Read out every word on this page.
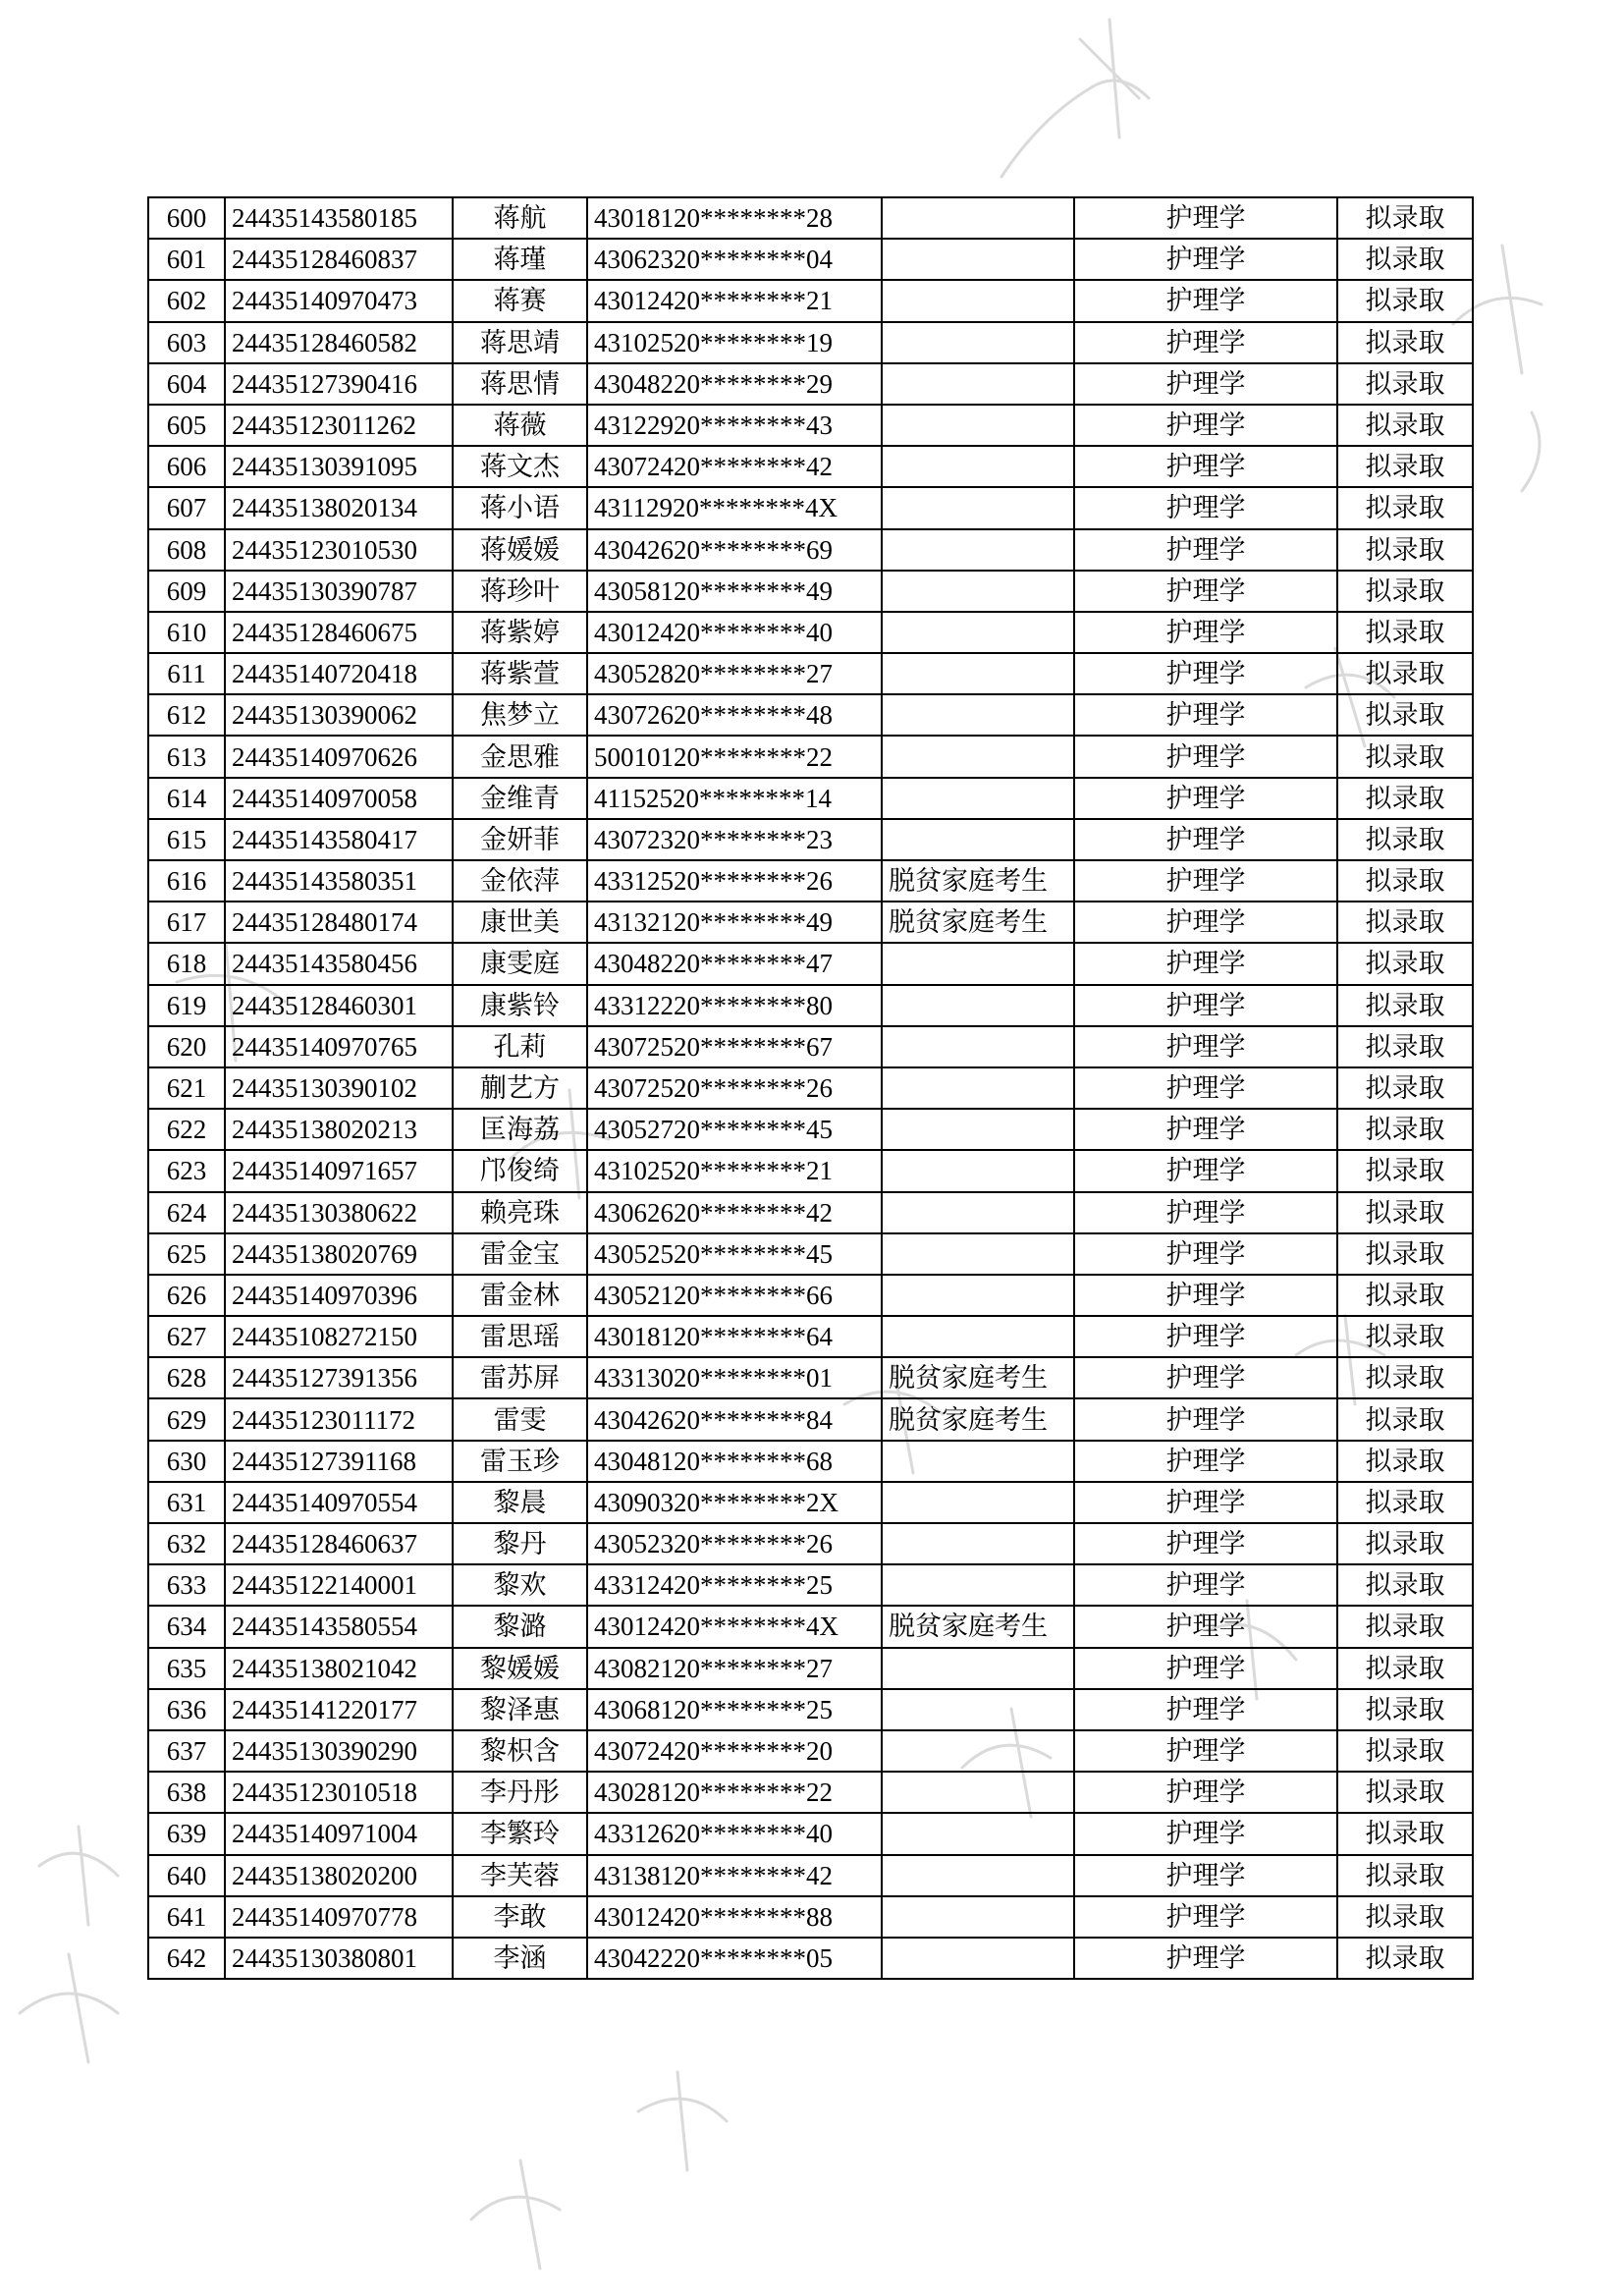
600	24435143580185	蒋航	43018120********28		护理学	拟录取
601	24435128460837	蒋瑾	43062320********04		护理学	拟录取
602	24435140970473	蒋赛	43012420********21		护理学	拟录取
603	24435128460582	蒋思靖	43102520********19		护理学	拟录取
604	24435127390416	蒋思情	43048220********29		护理学	拟录取
605	24435123011262	蒋薇	43122920********43		护理学	拟录取
606	24435130391095	蒋文杰	43072420********42		护理学	拟录取
607	24435138020134	蒋小语	43112920********4X		护理学	拟录取
608	24435123010530	蒋媛媛	43042620********69		护理学	拟录取
609	24435130390787	蒋珍叶	43058120********49		护理学	拟录取
610	24435128460675	蒋紫婷	43012420********40		护理学	拟录取
611	24435140720418	蒋紫萱	43052820********27		护理学	拟录取
612	24435130390062	焦梦立	43072620********48		护理学	拟录取
613	24435140970626	金思雅	50010120********22		护理学	拟录取
614	24435140970058	金维青	41152520********14		护理学	拟录取
615	24435143580417	金妍菲	43072320********23		护理学	拟录取
616	24435143580351	金依萍	43312520********26	脱贫家庭考生	护理学	拟录取
617	24435128480174	康世美	43132120********49	脱贫家庭考生	护理学	拟录取
618	24435143580456	康雯庭	43048220********47		护理学	拟录取
619	24435128460301	康紫铃	43312220********80		护理学	拟录取
620	24435140970765	孔莉	43072520********67		护理学	拟录取
621	24435130390102	蒯艺方	43072520********26		护理学	拟录取
622	24435138020213	匡海荔	43052720********45		护理学	拟录取
623	24435140971657	邝俊绮	43102520********21		护理学	拟录取
624	24435130380622	赖亮珠	43062620********42		护理学	拟录取
625	24435138020769	雷金宝	43052520********45		护理学	拟录取
626	24435140970396	雷金林	43052120********66		护理学	拟录取
627	24435108272150	雷思瑶	43018120********64		护理学	拟录取
628	24435127391356	雷苏屏	43313020********01	脱贫家庭考生	护理学	拟录取
629	24435123011172	雷雯	43042620********84	脱贫家庭考生	护理学	拟录取
630	24435127391168	雷玉珍	43048120********68		护理学	拟录取
631	24435140970554	黎晨	43090320********2X		护理学	拟录取
632	24435128460637	黎丹	43052320********26		护理学	拟录取
633	24435122140001	黎欢	43312420********25		护理学	拟录取
634	24435143580554	黎潞	43012420********4X	脱贫家庭考生	护理学	拟录取
635	24435138021042	黎媛媛	43082120********27		护理学	拟录取
636	24435141220177	黎泽惠	43068120********25		护理学	拟录取
637	24435130390290	黎枳含	43072420********20		护理学	拟录取
638	24435123010518	李丹彤	43028120********22		护理学	拟录取
639	24435140971004	李繁玲	43312620********40		护理学	拟录取
640	24435138020200	李芙蓉	43138120********42		护理学	拟录取
641	24435140970778	李敢	43012420********88		护理学	拟录取
642	24435130380801	李涵	43042220********05		护理学	拟录取
